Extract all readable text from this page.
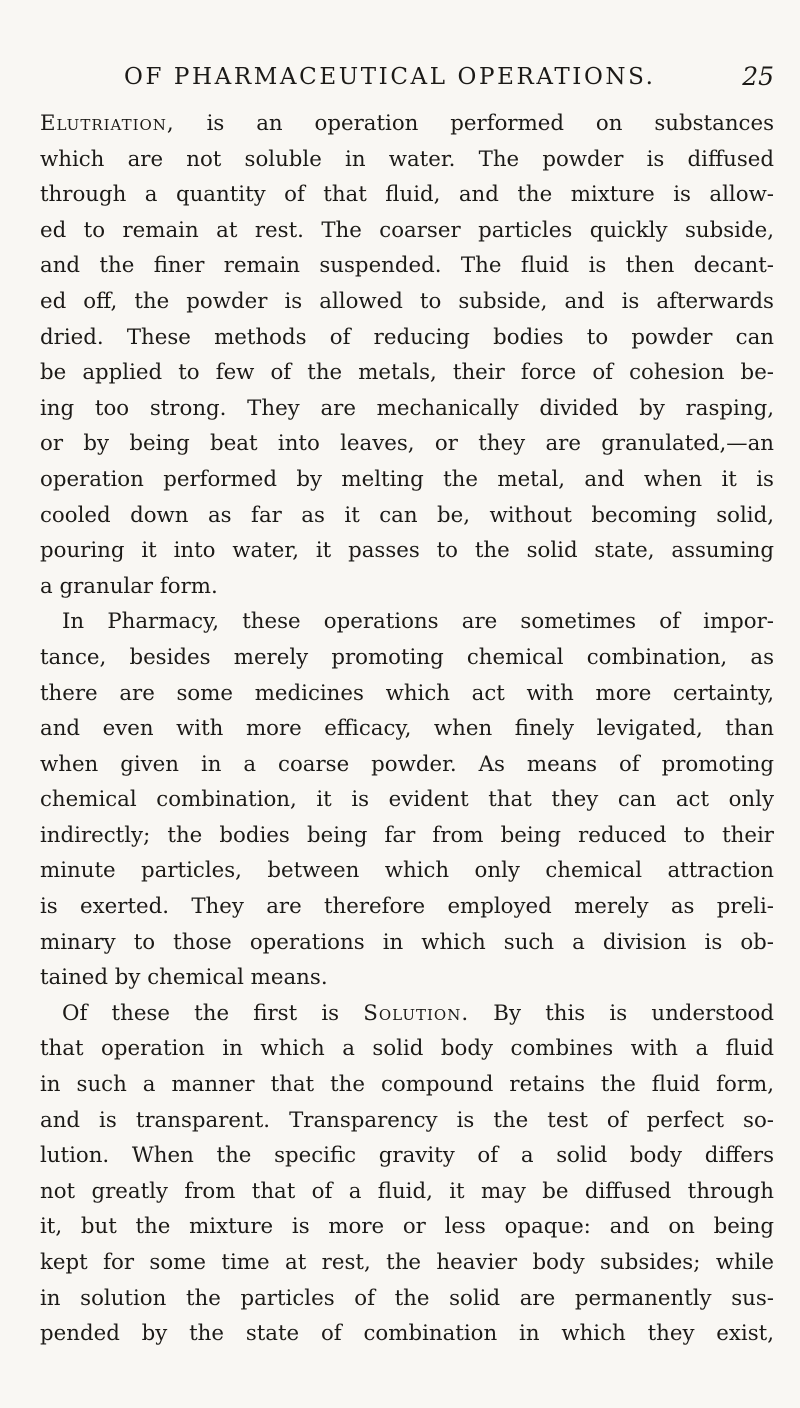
OF PHARMACEUTICAL OPERATIONS.	25
Elutriation, is an operation performed on substances
which are not soluble in water. The powder is diffused
through a quantity of that fluid, and the mixture is allow-
ed to remain at rest. The coarser particles quickly subside,
and the finer remain suspended. The fluid is then decant-
ed off, the powder is allowed to subside, and is afterwards
dried. These methods of reducing bodies to powder can
be applied to few of the metals, their force of cohesion be-
ing too strong. They are mechanically divided by rasping,
or by being beat into leaves, or they are granulated,—an
operation performed by melting the metal, and when it is
cooled down as far as it can be, without becoming solid,
pouring it into water, it passes to the solid state, assuming
a granular form.
In Pharmacy, these operations are sometimes of impor-
tance, besides merely promoting chemical combination, as
there are some medicines which act with more certainty,
and even with more efficacy, when finely levigated, than
when given in a coarse powder. As means of promoting
chemical combination, it is evident that they can act only
indirectly; the bodies being far from being reduced to their
minute particles, between which only chemical attraction
is exerted. They are therefore employed merely as preli-
minary to those operations in which such a division is ob-
tained by chemical means.
Of these the first is Solution. By this is understood
that operation in which a solid body combines with a fluid
in such a manner that the compound retains the fluid form,
and is transparent. Transparency is the test of perfect so-
lution. When the specific gravity of a solid body differs
not greatly from that of a fluid, it may be diffused through
it, but the mixture is more or less opaque: and on being
kept for some time at rest, the heavier body subsides; while
in solution the particles of the solid are permanently sus-
pended by the state of combination in which they exist,
